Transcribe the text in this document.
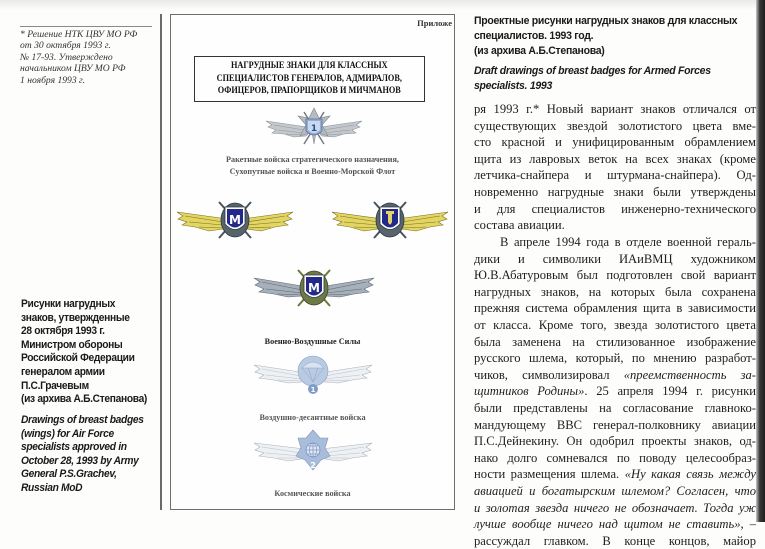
* Решение НТК ЦВУ МО РФ
от 30 октября 1993 г.
№ 17-93. Утверждено
начальником ЦВУ МО РФ
1 ноября 1993 г.
Рисунки нагрудных
знаков, утвержденные
28 октября 1993 г.
Министром обороны
Российской Федерации
генералом армии
П.С.Грачевым
(из архива А.Б.Степанова)
Drawings of breast badges
(wings) for Air Force
specialists approved in
October 28, 1993 by Army
General P.S.Grachev,
Russian MoD
Приложе
НАГРУДНЫЕ ЗНАКИ ДЛЯ КЛАССНЫХ
СПЕЦИАЛИСТОВ ГЕНЕРАЛОВ, АДМИРАЛОВ,
ОФИЦЕРОВ, ПРАПОРЩИКОВ И МИЧМАНОВ
1
Ракетные войска стратегического назначения,
Сухопутные войска и Военно-Морской Флот
М
М
Военно-Воздушные Силы
1
Воздушно-десантные войска
2
Космические войска
Проектные рисунки нагрудных знаков для классных
специалистов. 1993 год.
(из архива А.Б.Степанова)
Draft drawings of breast badges for Armed Forces
specialists. 1993
ря 1993 г.* Новый вариант знаков отличался от
существующих звездой золотистого цвета вме-
сто красной и унифицированным обрамлением
щита из лавровых веток на всех знаках (кроме
летчика-снайпера и штурмана-снайпера). Од-
новременно нагрудные знаки были утверждены
и для специалистов инженерно-технического
состава авиации.
В апреле 1994 года в отделе военной гераль-
дики и символики ИАиВМЦ художником
Ю.В.Абатуровым был подготовлен свой вариант
нагрудных знаков, на которых была сохранена
прежняя система обрамления щита в зависимости
от класса. Кроме того, звезда золотистого цвета
была заменена на стилизованное изображение
русского шлема, который, по мнению разработ-
чиков, символизировал «преемственность за-
щитников Родины». 25 апреля 1994 г. рисунки
были представлены на согласование главноко-
мандующему ВВС генерал-полковнику авиации
П.С.Дейнекину. Он одобрил проекты знаков, од-
нако долго сомневался по поводу целесообраз-
ности размещения шлема. «Ну какая связь между
авиацией и богатырским шлемом? Согласен, что
и золотая звезда ничего не обозначает. Тогда уж
лучше вообще ничего над щитом не ставить», –
рассуждал главком. В конце концов, майор
